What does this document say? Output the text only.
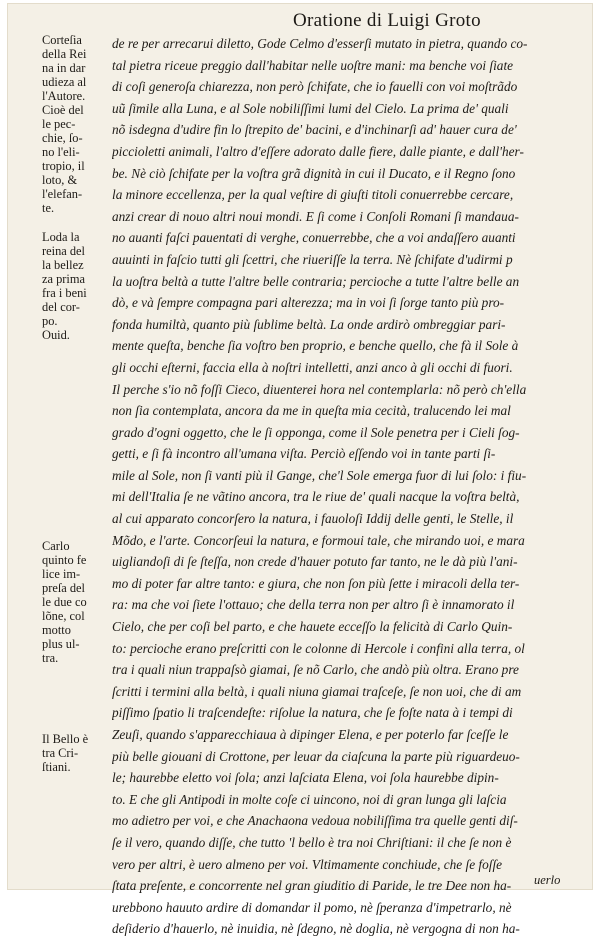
Oratione di Luigi Groto
de re per arrecarui diletto, Gode Celmo d'esserſi mutato in pietra, quando co-
tal pietra riceue preggio dall'habitar nelle uoſtre mani: ma benche voi ſiate
di coſi generoſa chiarezza, non però ſchifate, che io fauelli con voi moſtrãdo
uũ ſimile alla Luna, e al Sole nobiliſſimi lumi del Cielo. La prima de' quali
nõ isdegna d'udire fin lo ſtrepito de' bacini, e d'inchinarſi ad' hauer cura de'
piccioletti animali, l'altro d'eſſere adorato dalle fiere, dalle piante, e dall'her-
be. Nè ciò ſchifate per la voſtra grã dignità in cui il Ducato, e il Regno ſono
la minore eccellenza, per la qual veſtire di giuſti titoli conuerrebbe cercare,
anzi crear di nouo altri noui mondi. E ſi come i Conſoli Romani ſi mandaua-
no auanti faſci pauentati di verghe, conuerrebbe, che a voi andaſſero auanti
auuinti in faſcio tutti gli ſcettri, che riueriſſe la terra. Nè ſchifate d'udirmi p
la uoſtra beltà a tutte l'altre belle contraria; percioche a tutte l'altre belle an
dò, e và ſempre compagna pari alterezza; ma in voi ſi ſorge tanto più pro-
fonda humiltà, quanto più ſublime beltà. La onde ardirò ombreggiar pari-
mente queſta, benche ſia voſtro ben proprio, e benche quello, che fà il Sole à
gli occhi eſterni, faccia ella à noſtri intelletti, anzi anco à gli occhi di fuori.
Il perche s'io nõ foſſi Cieco, diuenterei hora nel contemplarla: nõ però ch'ella
non ſia contemplata, ancora da me in queſta mia cecità, tralucendo lei mal
grado d'ogni oggetto, che le ſi opponga, come il Sole penetra per i Cieli ſog-
getti, e ſi fà incontro all'umana viſta. Perciò eſſendo voi in tante parti ſi-
mile al Sole, non ſi vanti più il Gange, che'l Sole emerga fuor di lui ſolo: i fiu-
mi dell'Italia ſe ne vãtino ancora, tra le riue de' quali nacque la voſtra beltà,
al cui apparato concorſero la natura, i fauoloſi Iddij delle genti, le Stelle, il
Mõdo, e l'arte. Concorſeui la natura, e formoui tale, che mirando uoi, e mara
uigliandoſi di ſe ſteſſa, non crede d'hauer potuto far tanto, ne le dà più l'ani-
mo di poter far altre tanto: e giura, che non ſon più ſette i miracoli della ter-
ra: ma che voi ſiete l'ottauo; che della terra non per altro ſi è innamorato il
Cielo, che per coſi bel parto, e che hauete ecceſſo la felicità di Carlo Quin-
to: percioche erano preſcritti con le colonne di Hercole i confini alla terra, ol
tra i quali niun trappaſsò giamai, ſe nõ Carlo, che andò più oltra. Erano pre
ſcritti i termini alla beltà, i quali niuna giamai traſceſe, ſe non uoi, che di am
piſſimo ſpatio li traſcendeſte: riſolue la natura, che ſe foſte nata à i tempi di
Zeuſi, quando s'apparecchiaua à dipinger Elena, e per poterlo far ſceſſe le
più belle giouani di Crottone, per leuar da ciaſcuna la parte più riguardeuo-
le; haurebbe eletto voi ſola; anzi laſciata Elena, voi ſola haurebbe dipin-
to. E che gli Antipodi in molte coſe ci uincono, noi di gran lunga gli laſcia
mo adietro per voi, e che Anachaona vedoua nobiliſſima tra quelle genti diſ-
ſe il vero, quando diſſe, che tutto 'l bello è tra noi Chriſtiani: il che ſe non è
vero per altri, è uero almeno per voi. Vltimamente conchiude, che ſe foſſe
ſtata preſente, e concorrente nel gran giuditio di Paride, le tre Dee non ha-
urebbono hauuto ardire di domandar il pomo, nè ſperanza d'impetrarlo, nè
deſiderio d'hauerlo, nè inuidia, nè ſdegno, nè doglia, nè vergogna di non ha-
Corteſia
della Rei
na in dar
udieza al
l'Autore.
Cioè del
le pec-
chie, ſo-
no l'eli-
tropio, il
loto, &
l'elefan-
te.
Loda la
reina del
la bellez
za prima
fra i beni
del cor-
po.
Ouid.
Carlo
quinto fe
lice im-
preſa del
le due co
lõne, col
motto
plus ul-
tra.
Il Bello è
tra Cri-
ſtiani.
uerlo
